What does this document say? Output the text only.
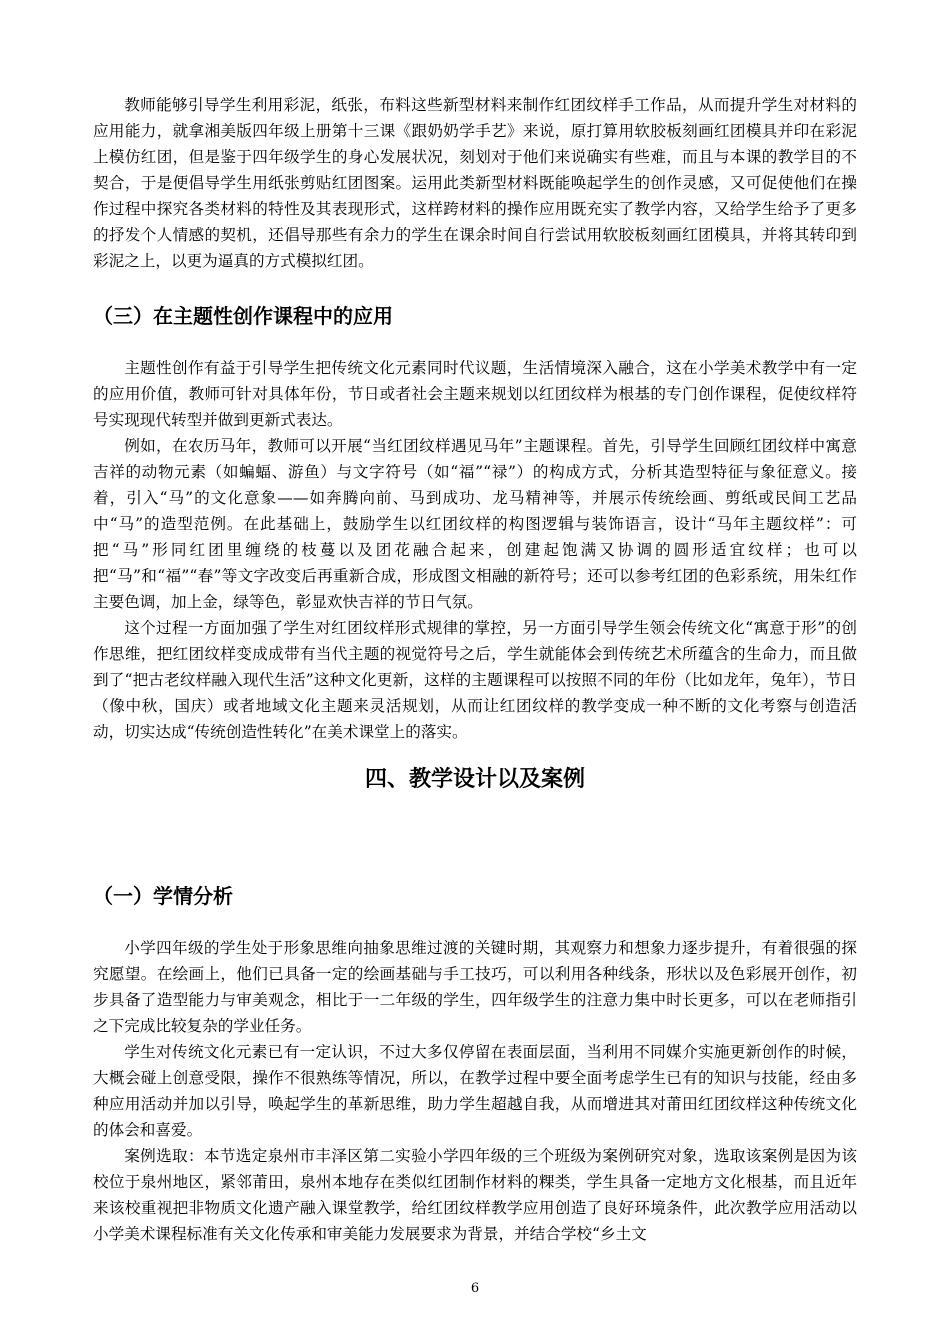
教师能够引导学生利用彩泥，纸张，布料这些新型材料来制作红团纹样手工作品，从而提升学生对材料的应用能力，就拿湘美版四年级上册第十三课《跟奶奶学手艺》来说，原打算用软胶板刻画红团模具并印在彩泥上模仿红团，但是鉴于四年级学生的身心发展状况，刻划对于他们来说确实有些难，而且与本课的教学目的不契合，于是便倡导学生用纸张剪贴红团图案。运用此类新型材料既能唤起学生的创作灵感，又可促使他们在操作过程中探究各类材料的特性及其表现形式，这样跨材料的操作应用既充实了教学内容，又给学生给予了更多的抒发个人情感的契机，还倡导那些有余力的学生在课余时间自行尝试用软胶板刻画红团模具，并将其转印到彩泥之上，以更为逼真的方式模拟红团。

（三）在主题性创作课程中的应用

主题性创作有益于引导学生把传统文化元素同时代议题，生活情境深入融合，这在小学美术教学中有一定的应用价值，教师可针对具体年份，节日或者社会主题来规划以红团纹样为根基的专门创作课程，促使纹样符号实现现代转型并做到更新式表达。

例如，在农历马年，教师可以开展“当红团纹样遇见马年”主题课程。首先，引导学生回顾红团纹样中寓意吉祥的动物元素（如蝙蝠、游鱼）与文字符号（如“福”“禄”）的构成方式，分析其造型特征与象征意义。接着，引入“马”的文化意象——如奔腾向前、马到成功、龙马精神等，并展示传统绘画、剪纸或民间工艺品中“马”的造型范例。在此基础上，鼓励学生以红团纹样的构图逻辑与装饰语言，设计“马年主题纹样”：可把“马”形同红团里缠绕的枝蔓以及团花融合起来，创建起饱满又协调的圆形适宜纹样；也可以把“马”和“福”“春”等文字改变后再重新合成，形成图文相融的新符号；还可以参考红团的色彩系统，用朱红作主要色调，加上金，绿等色，彰显欢快吉祥的节日气氛。

这个过程一方面加强了学生对红团纹样形式规律的掌控，另一方面引导学生领会传统文化“寓意于形”的创作思维，把红团纹样变成成带有当代主题的视觉符号之后，学生就能体会到传统艺术所蕴含的生命力，而且做到了“把古老纹样融入现代生活”这种文化更新，这样的主题课程可以按照不同的年份（比如龙年，兔年），节日（像中秋，国庆）或者地域文化主题来灵活规划，从而让红团纹样的教学变成一种不断的文化考察与创造活动，切实达成“传统创造性转化”在美术课堂上的落实。

四、教学设计以及案例

（一）学情分析

小学四年级的学生处于形象思维向抽象思维过渡的关键时期，其观察力和想象力逐步提升，有着很强的探究愿望。在绘画上，他们已具备一定的绘画基础与手工技巧，可以利用各种线条，形状以及色彩展开创作，初步具备了造型能力与审美观念，相比于一二年级的学生，四年级学生的注意力集中时长更多，可以在老师指引之下完成比较复杂的学业任务。

学生对传统文化元素已有一定认识，不过大多仅停留在表面层面，当利用不同媒介实施更新创作的时候，大概会碰上创意受限，操作不很熟练等情况，所以，在教学过程中要全面考虑学生已有的知识与技能，经由多种应用活动并加以引导，唤起学生的革新思维，助力学生超越自我，从而增进其对莆田红团纹样这种传统文化的体会和喜爱。

案例选取：本节选定泉州市丰泽区第二实验小学四年级的三个班级为案例研究对象，选取该案例是因为该校位于泉州地区，紧邻莆田，泉州本地存在类似红团制作材料的粿类，学生具备一定地方文化根基，而且近年来该校重视把非物质文化遗产融入课堂教学，给红团纹样教学应用创造了良好环境条件，此次教学应用活动以小学美术课程标准有关文化传承和审美能力发展要求为背景，并结合学校“乡土文

6
